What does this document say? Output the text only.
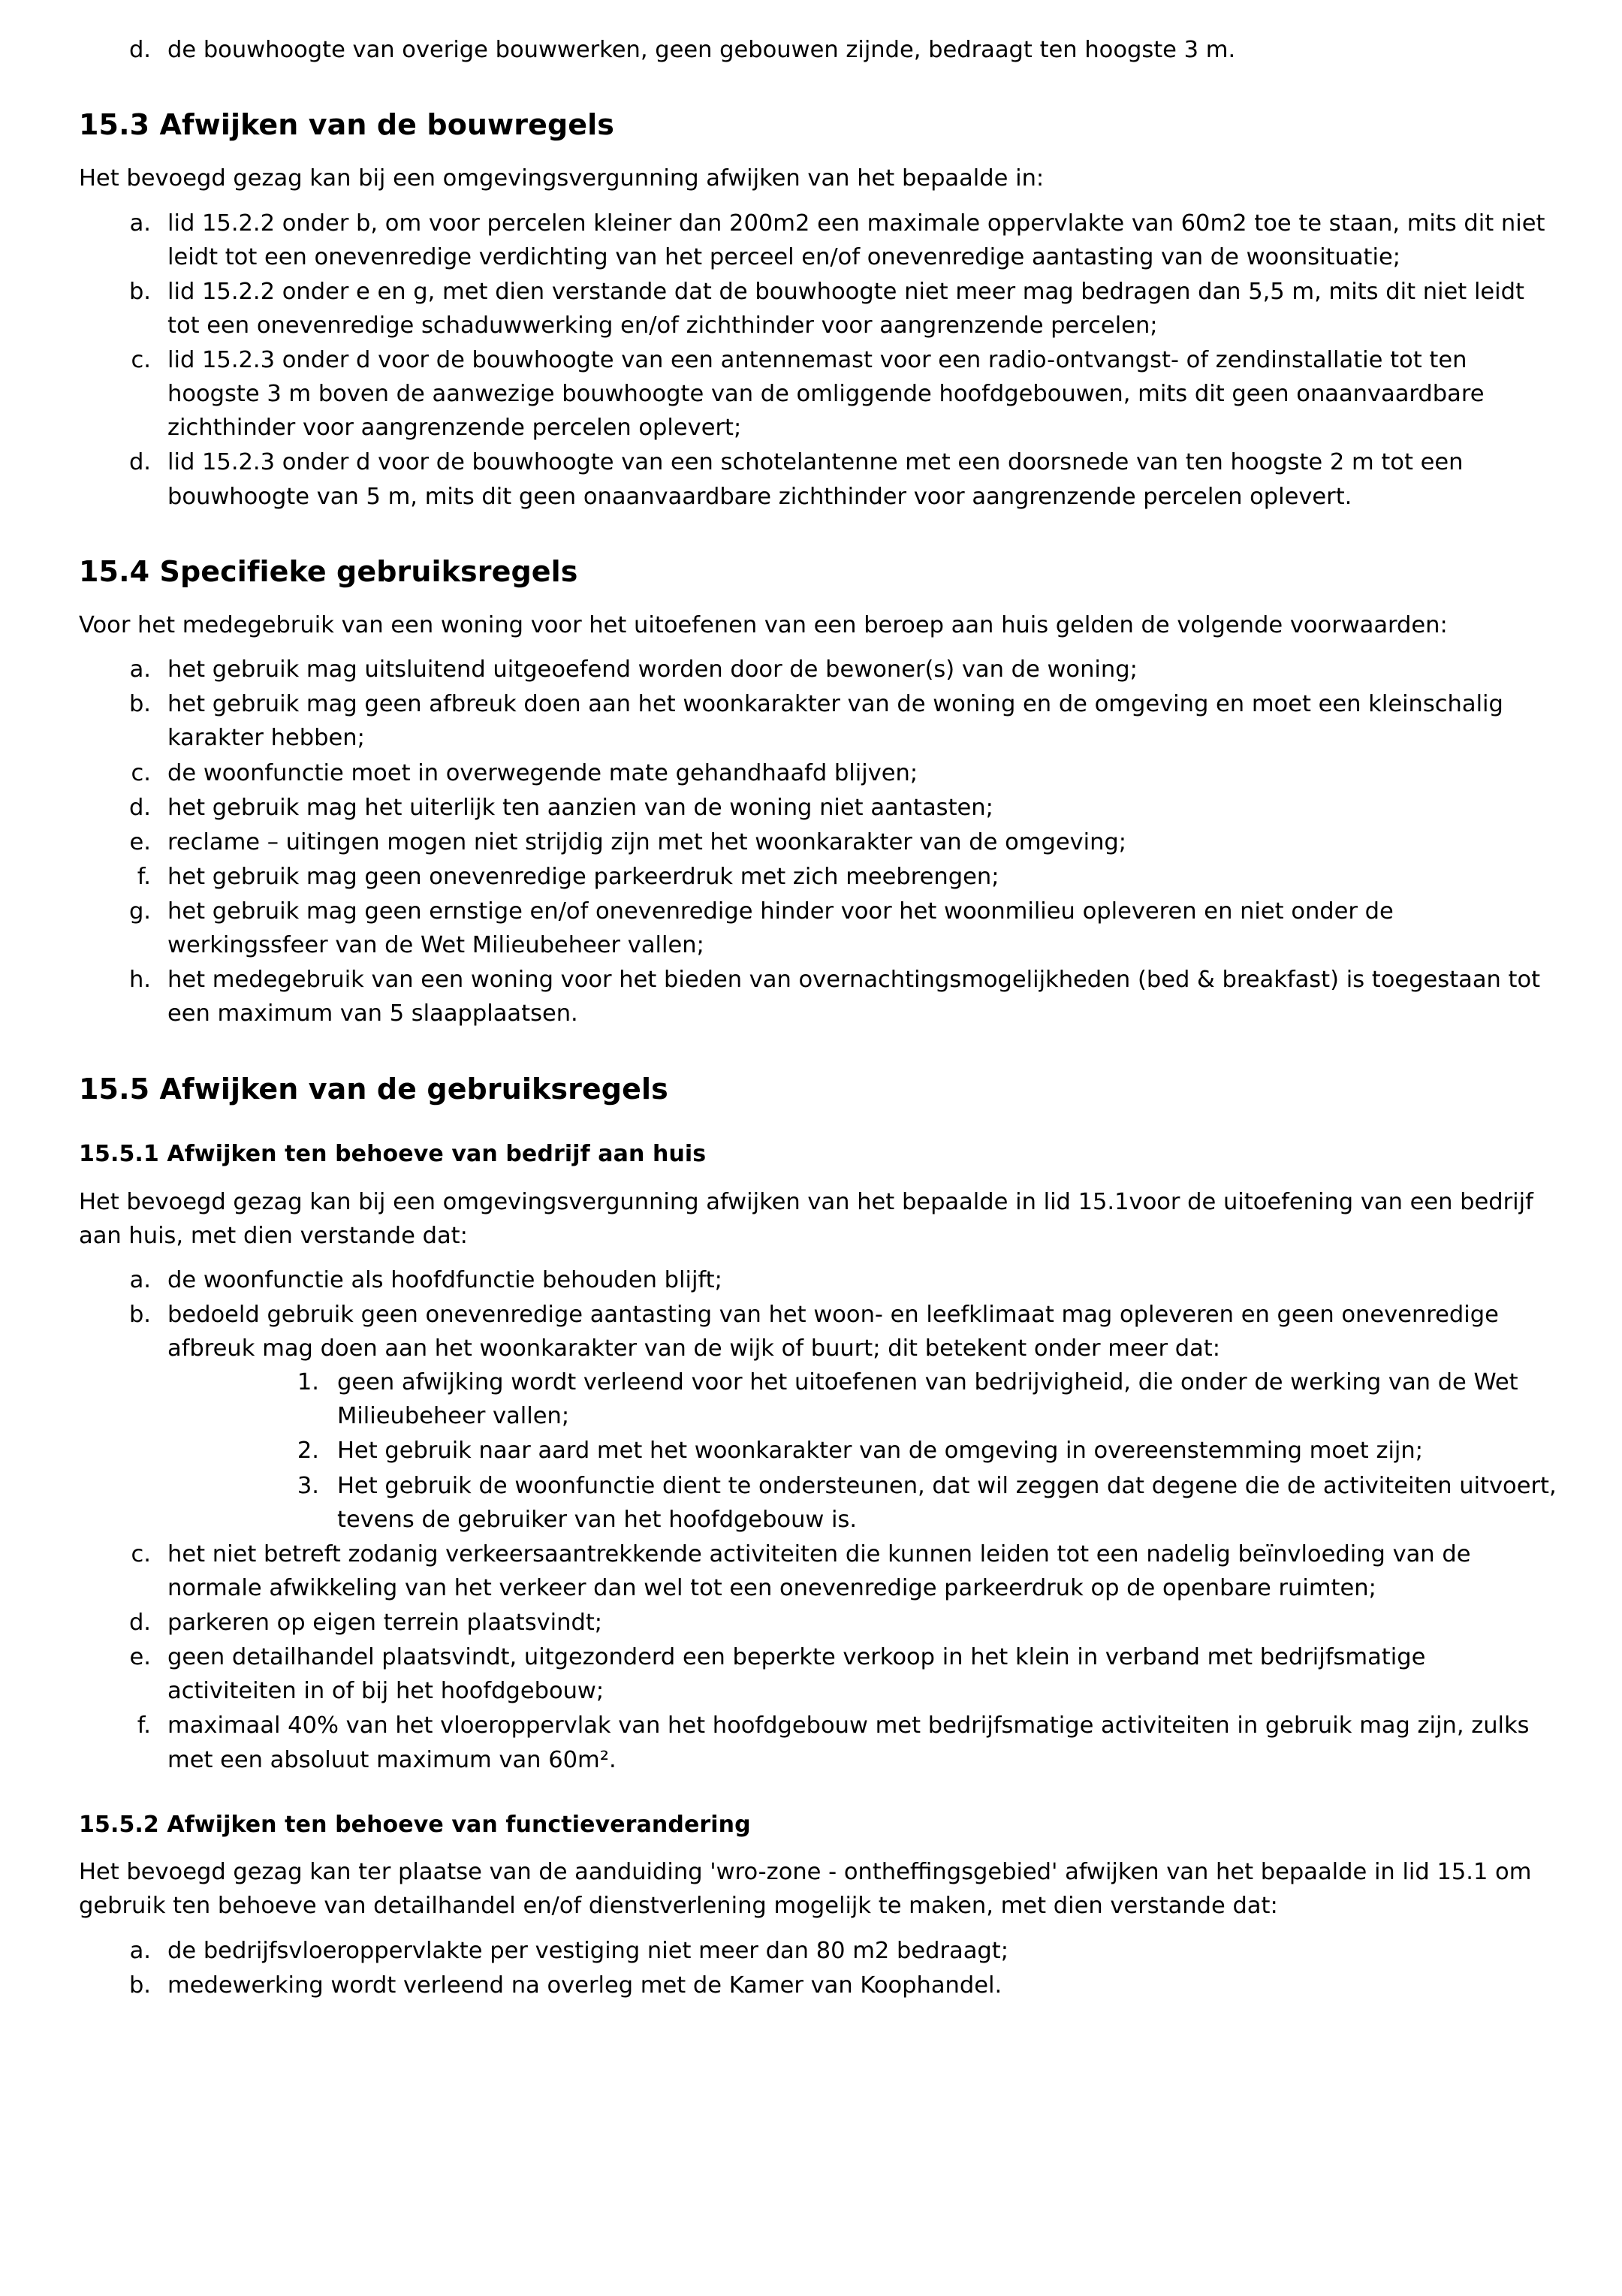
d. de bouwhoogte van overige bouwwerken, geen gebouwen zijnde, bedraagt ten hoogste 3 m.
15.3 Afwijken van de bouwregels

Het bevoegd gezag kan bij een omgevingsvergunning afwijken van het bepaalde in:

a. lid 15.2.2 onder b, om voor percelen kleiner dan 200m2 een maximale oppervlakte van 60m2 toe te staan, mits dit niet leidt tot een onevenredige verdichting van het perceel en/of onevenredige aantasting van de woonsituatie;
b. lid 15.2.2 onder e en g, met dien verstande dat de bouwhoogte niet meer mag bedragen dan 5,5 m, mits dit niet leidt tot een onevenredige schaduwwerking en/of zichthinder voor aangrenzende percelen;
c. lid 15.2.3 onder d voor de bouwhoogte van een antennemast voor een radio-ontvangst- of zendinstallatie tot ten hoogste 3 m boven de aanwezige bouwhoogte van de omliggende hoofdgebouwen, mits dit geen onaanvaardbare zichthinder voor aangrenzende percelen oplevert;
d. lid 15.2.3 onder d voor de bouwhoogte van een schotelantenne met een doorsnede van ten hoogste 2 m tot een bouwhoogte van 5 m, mits dit geen onaanvaardbare zichthinder voor aangrenzende percelen oplevert.
15.4 Specifieke gebruiksregels

Voor het medegebruik van een woning voor het uitoefenen van een beroep aan huis gelden de volgende voorwaarden:

a. het gebruik mag uitsluitend uitgeoefend worden door de bewoner(s) van de woning;
b. het gebruik mag geen afbreuk doen aan het woonkarakter van de woning en de omgeving en moet een kleinschalig karakter hebben;
c. de woonfunctie moet in overwegende mate gehandhaafd blijven;
d. het gebruik mag het uiterlijk ten aanzien van de woning niet aantasten;
e. reclame – uitingen mogen niet strijdig zijn met het woonkarakter van de omgeving;
f. het gebruik mag geen onevenredige parkeerdruk met zich meebrengen;
g. het gebruik mag geen ernstige en/of onevenredige hinder voor het woonmilieu opleveren en niet onder de werkingssfeer van de Wet Milieubeheer vallen;
h. het medegebruik van een woning voor het bieden van overnachtingsmogelijkheden (bed & breakfast) is toegestaan tot een maximum van 5 slaapplaatsen.
15.5 Afwijken van de gebruiksregels
15.5.1 Afwijken ten behoeve van bedrijf aan huis

Het bevoegd gezag kan bij een omgevingsvergunning afwijken van het bepaalde in lid 15.1voor de uitoefening van een bedrijf aan huis, met dien verstande dat:

a. de woonfunctie als hoofdfunctie behouden blijft;
b. bedoeld gebruik geen onevenredige aantasting van het woon- en leefklimaat mag opleveren en geen onevenredige afbreuk mag doen aan het woonkarakter van de wijk of buurt; dit betekent onder meer dat:
1. geen afwijking wordt verleend voor het uitoefenen van bedrijvigheid, die onder de werking van de Wet Milieubeheer vallen;
2. Het gebruik naar aard met het woonkarakter van de omgeving in overeenstemming moet zijn;
3. Het gebruik de woonfunctie dient te ondersteunen, dat wil zeggen dat degene die de activiteiten uitvoert, tevens de gebruiker van het hoofdgebouw is.
c. het niet betreft zodanig verkeersaantrekkende activiteiten die kunnen leiden tot een nadelig beïnvloeding van de normale afwikkeling van het verkeer dan wel tot een onevenredige parkeerdruk op de openbare ruimten;
d. parkeren op eigen terrein plaatsvindt;
e. geen detailhandel plaatsvindt, uitgezonderd een beperkte verkoop in het klein in verband met bedrijfsmatige activiteiten in of bij het hoofdgebouw;
f. maximaal 40% van het vloeroppervlak van het hoofdgebouw met bedrijfsmatige activiteiten in gebruik mag zijn, zulks met een absoluut maximum van 60m².
15.5.2 Afwijken ten behoeve van functieverandering

Het bevoegd gezag kan ter plaatse van de aanduiding 'wro-zone - ontheffingsgebied' afwijken van het bepaalde in lid 15.1 om gebruik ten behoeve van detailhandel en/of dienstverlening mogelijk te maken, met dien verstande dat:

a. de bedrijfsvloeroppervlakte per vestiging niet meer dan 80 m2 bedraagt;
b. medewerking wordt verleend na overleg met de Kamer van Koophandel.
